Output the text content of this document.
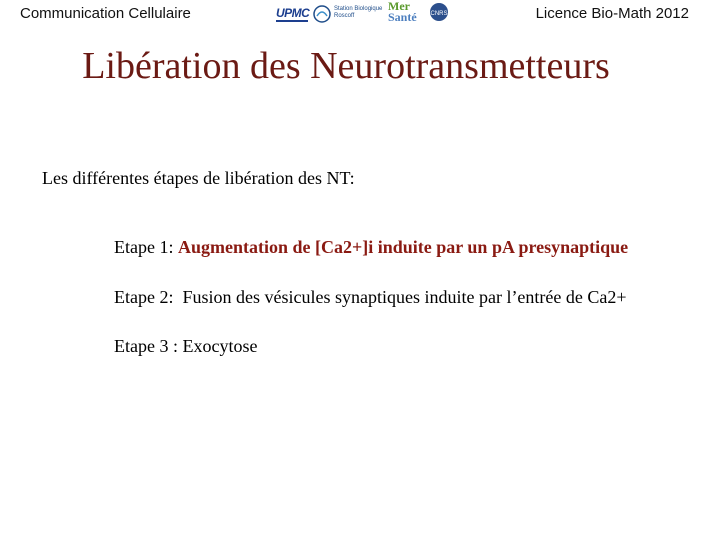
Communication Cellulaire	UPMC	Station Biologique
Roscoff
Mer
Santé CNRS	Licence Bio-Math 2012
Libération des Neurotransmetteurs
Les différentes étapes de libération des NT:
Etape 1: Augmentation de [Ca2+]i induite par un pA presynaptique
Etape 2:  Fusion des vésicules synaptiques induite par l’entrée de Ca2+
Etape 3 : Exocytose
